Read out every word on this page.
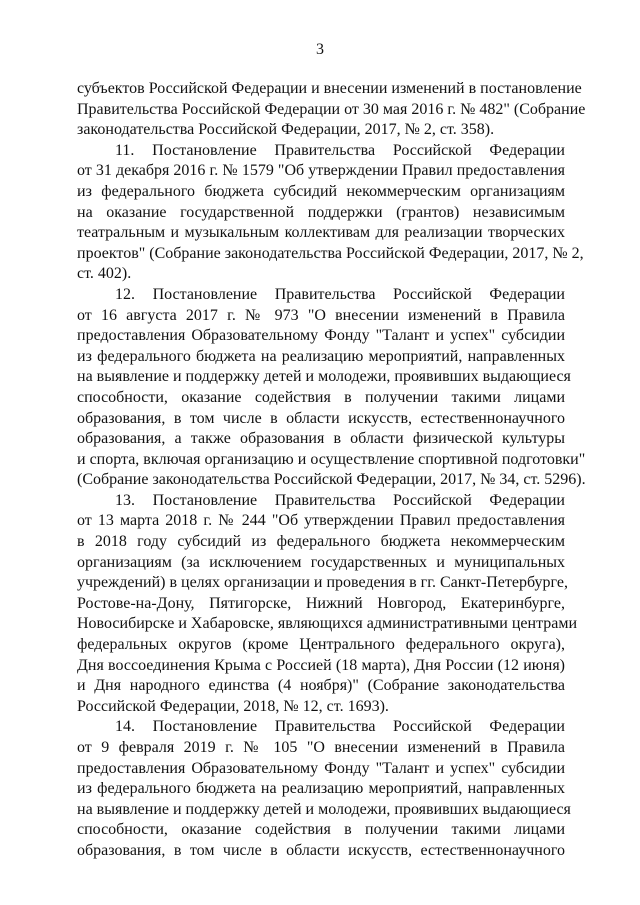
3
субъектов Российской Федерации и внесении изменений в постановление
Правительства Российской Федерации от 30 мая 2016 г. № 482" (Собрание
законодательства Российской Федерации, 2017, № 2, ст. 358).
11. Постановление Правительства Российской Федерации
от 31 декабря 2016 г. № 1579 "Об утверждении Правил предоставления
из федерального бюджета субсидий некоммерческим организациям
на оказание государственной поддержки (грантов) независимым
театральным и музыкальным коллективам для реализации творческих
проектов" (Собрание законодательства Российской Федерации, 2017, № 2,
ст. 402).
12. Постановление Правительства Российской Федерации
от 16 августа 2017 г. № 973 "О внесении изменений в Правила
предоставления Образовательному Фонду "Талант и успех" субсидии
из федерального бюджета на реализацию мероприятий, направленных
на выявление и поддержку детей и молодежи, проявивших выдающиеся
способности, оказание содействия в получении такими лицами
образования, в том числе в области искусств, естественнонаучного
образования, а также образования в области физической культуры
и спорта, включая организацию и осуществление спортивной подготовки"
(Собрание законодательства Российской Федерации, 2017, № 34, ст. 5296).
13. Постановление Правительства Российской Федерации
от 13 марта 2018 г. № 244 "Об утверждении Правил предоставления
в 2018 году субсидий из федерального бюджета некоммерческим
организациям (за исключением государственных и муниципальных
учреждений) в целях организации и проведения в гг. Санкт-Петербурге,
Ростове-на-Дону, Пятигорске, Нижний Новгород, Екатеринбурге,
Новосибирске и Хабаровске, являющихся административными центрами
федеральных округов (кроме Центрального федерального округа),
Дня воссоединения Крыма с Россией (18 марта), Дня России (12 июня)
и Дня народного единства (4 ноября)" (Собрание законодательства
Российской Федерации, 2018, № 12, ст. 1693).
14. Постановление Правительства Российской Федерации
от 9 февраля 2019 г. № 105 "О внесении изменений в Правила
предоставления Образовательному Фонду "Талант и успех" субсидии
из федерального бюджета на реализацию мероприятий, направленных
на выявление и поддержку детей и молодежи, проявивших выдающиеся
способности, оказание содействия в получении такими лицами
образования, в том числе в области искусств, естественнонаучного
